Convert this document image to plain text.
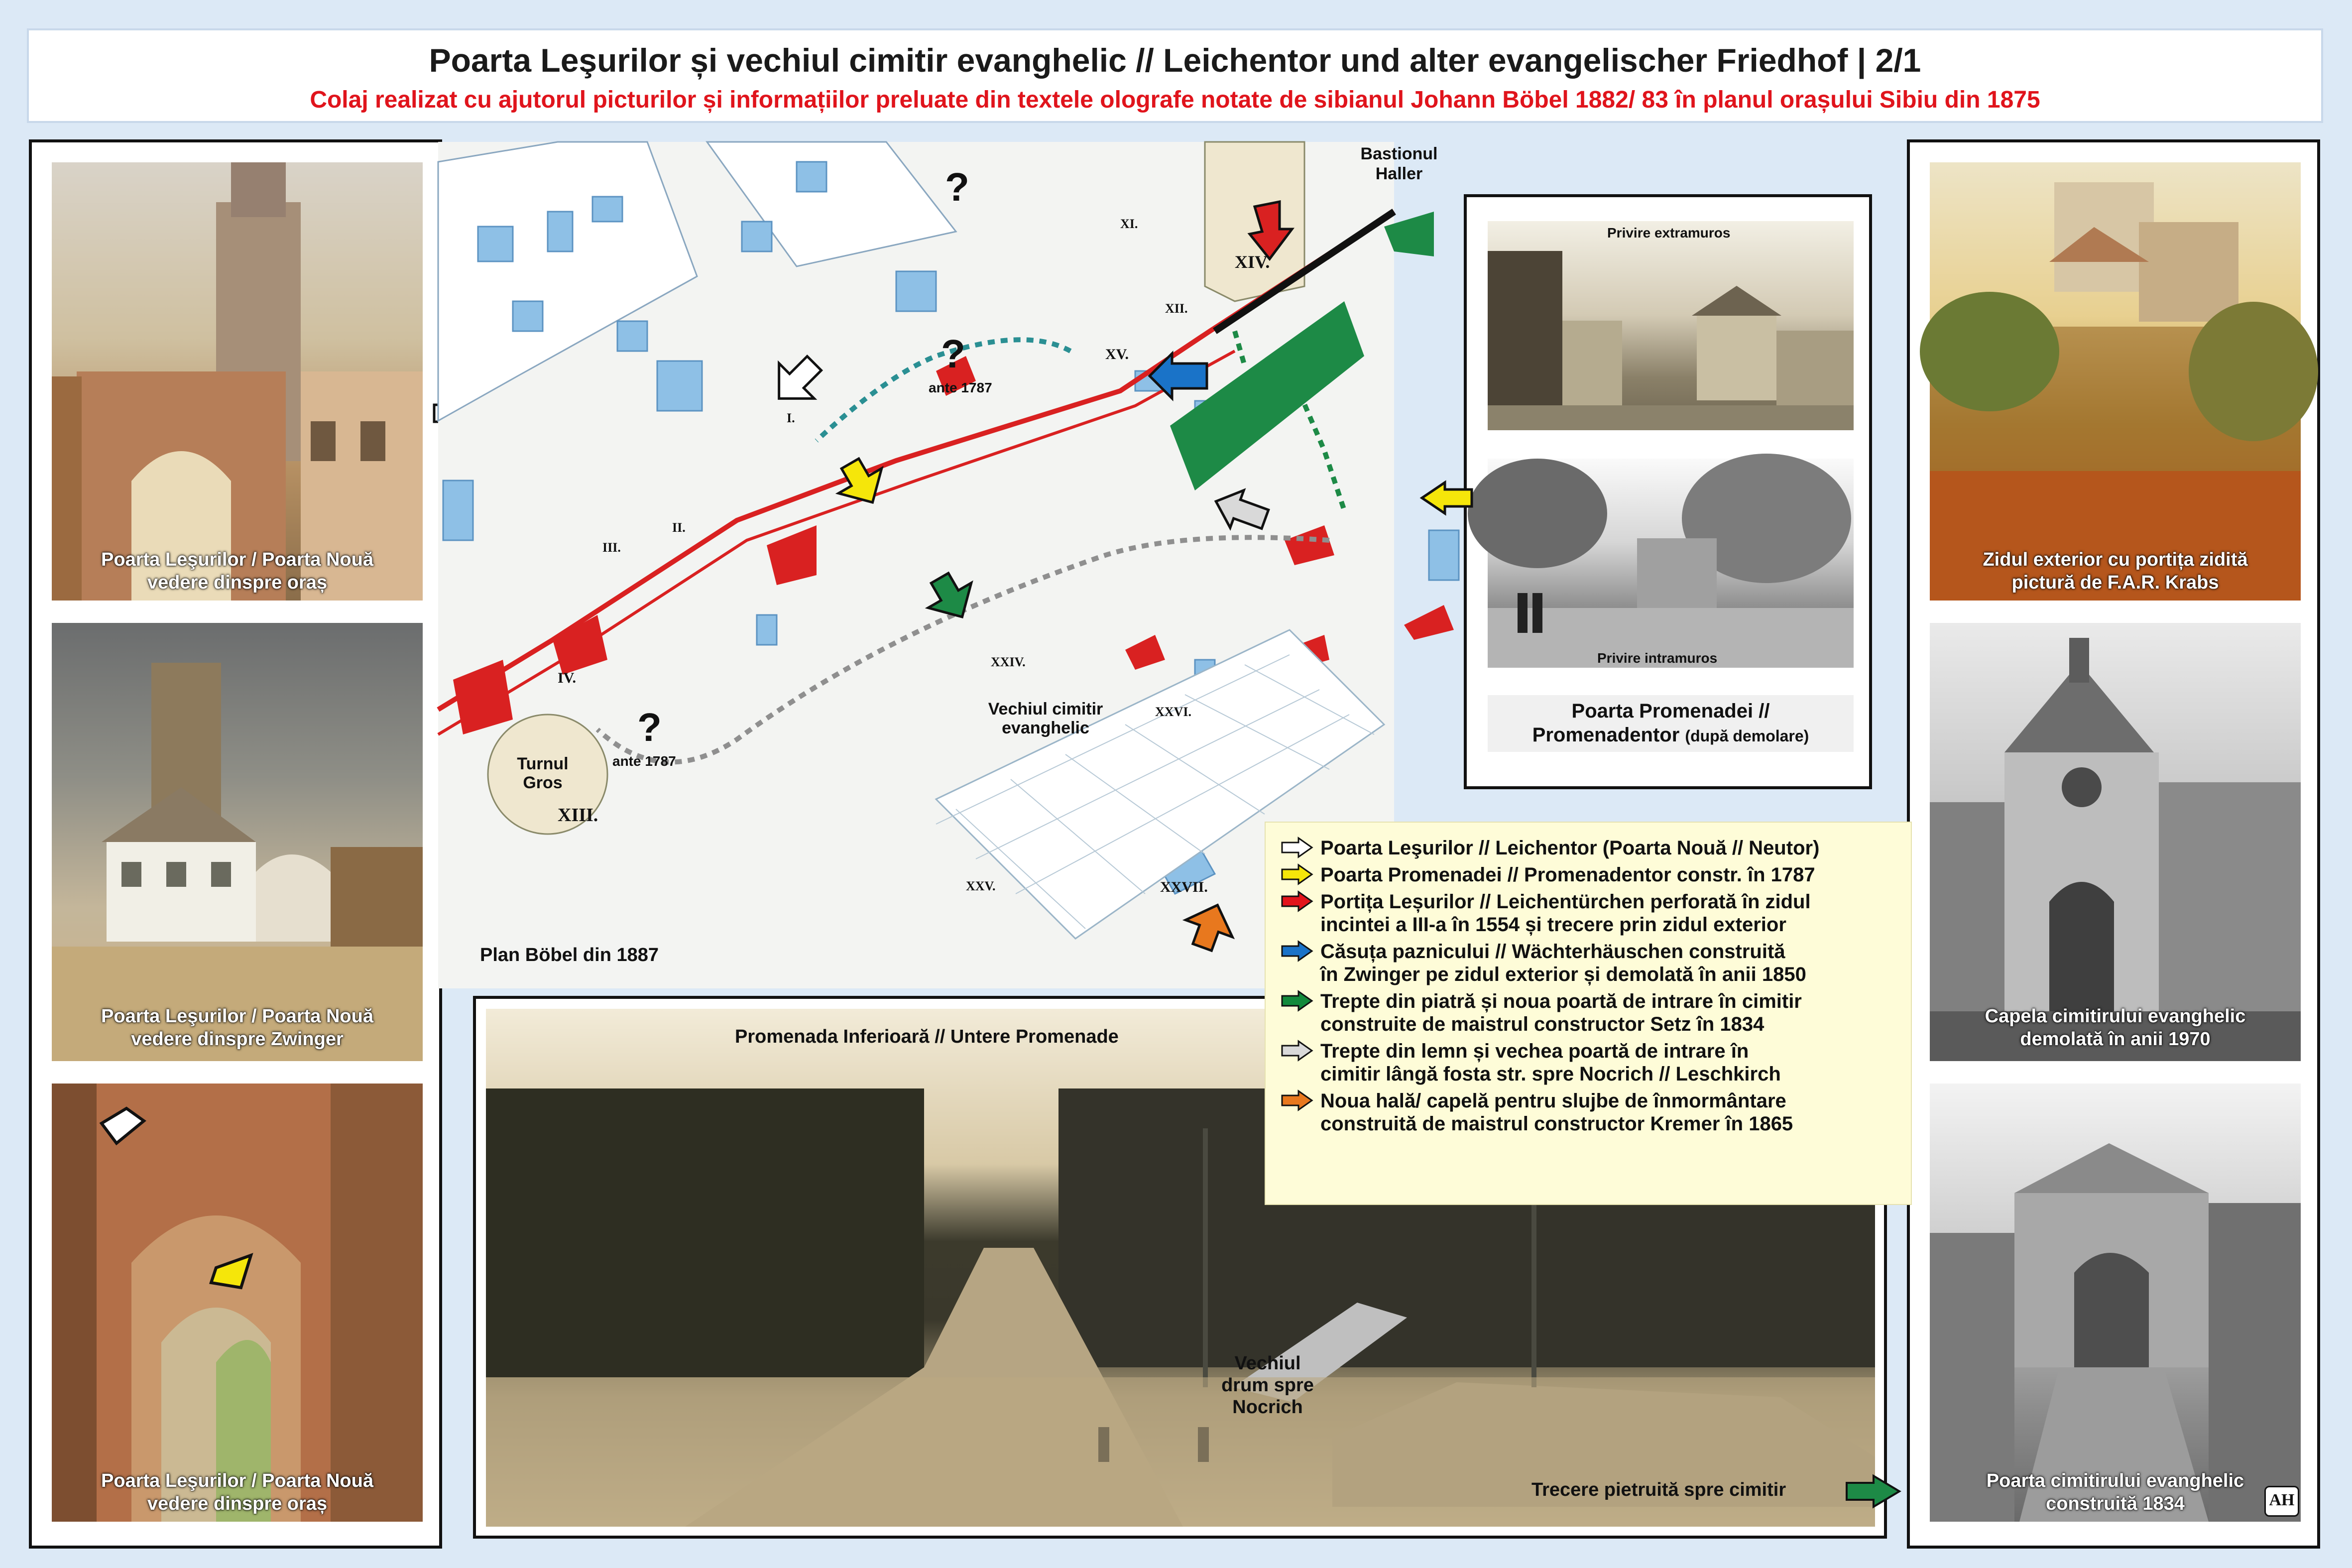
Poarta Leşurilor și vechiul cimitir evanghelic // Leichentor und alter evangelischer Friedhof | 2/1
Colaj realizat cu ajutorul picturilor și informațiilor preluate din textele olografe notate de sibianul Johann Böbel 1882/ 83 în planul orașului Sibiu din 1875
Poarta Leşurilor / Poarta Nouă
vedere dinspre oraș
Poarta Leşurilor / Poarta Nouă
vedere dinspre Zwinger
Poarta Leşurilor / Poarta Nouă
vedere dinspre oraș
Zidul exterior cu portița zidită
pictură de F.A.R. Krabs
Capela cimitirului evanghelic
demolată în anii 1970
Poarta cimitirului evanghelic
construită 1834	AH
Bastionul
Haller
?
?
?
ante 1787
ante 1787
Turnul
Gros
Vechiul cimitir
evanghelic
XIV.
XV.
XII.
XI.
I.
II.
III.
IV.
XIII.
XXVI.
XXVII.
XXIV.
XXV.
Plan Böbel din 1887
Privire extramuros
Privire intramuros
Poarta Promenadei //
Promenadentor (după demolare)
Promenada Inferioară // Untere Promenade
Vechiul
drum spre
Nocrich
Trecere pietruită spre cimitir
Poarta Leşurilor // Leichentor (Poarta Nouă // Neutor)
Poarta Promenadei // Promenadentor constr. în 1787
Portița Leșurilor // Leichentürchen perforată în zidul
incintei a III-a în 1554 și trecere prin zidul exterior
Căsuța paznicului // Wächterhäuschen construită
în Zwinger pe zidul exterior și demolată în anii 1850
Trepte din piatră și noua poartă de intrare în cimitir
construite de maistrul constructor Setz în 1834
Trepte din lemn și vechea poartă de intrare în
cimitir lângă fosta str. spre Nocrich // Leschkirch
Noua hală/ capelă pentru slujbe de înmormântare
construită de maistrul constructor Kremer în 1865
